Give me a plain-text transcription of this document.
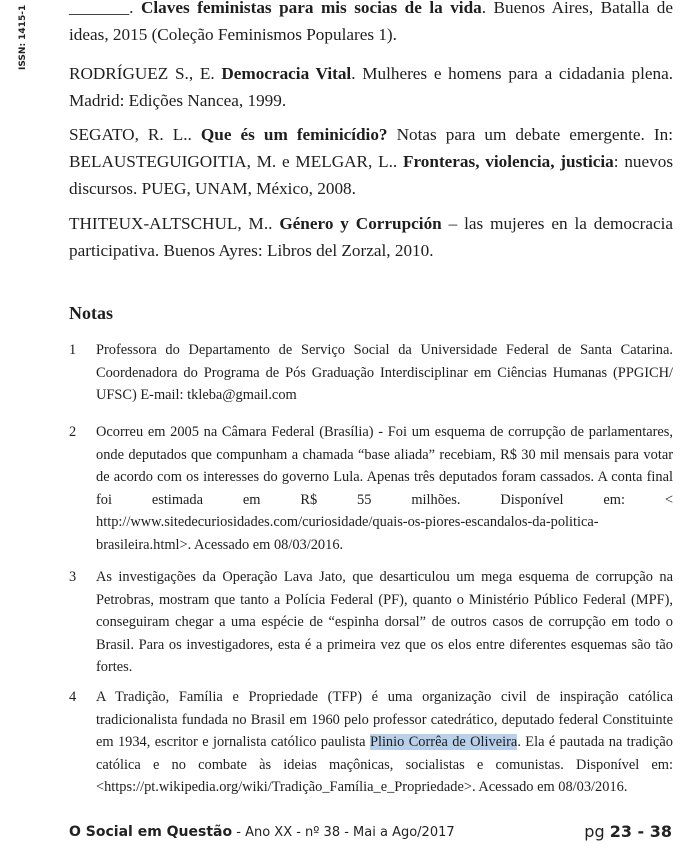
ISSN: 1415-1	_______. Claves feministas para mis socias de la vida. Buenos Aires, Batalla de ideas, 2015 (Coleção Feminismos Populares 1).

RODRÍGUEZ S., E. Democracia Vital. Mulheres e homens para a cidadania plena. Madrid: Edições Nancea, 1999.

SEGATO, R. L.. Que és um feminicídio? Notas para um debate emergente. In: BELAUSTEGUIGOITIA, M. e MELGAR, L.. Fronteras, violencia, justicia: nuevos discursos. PUEG, UNAM, México, 2008.

THITEUX-ALTSCHUL, M.. Género y Corrupción – las mujeres en la democracia participativa. Buenos Ayres: Libros del Zorzal, 2010.

Notas
1 Professora do Departamento de Serviço Social da Universidade Federal de Santa Catarina. Coordenadora do Programa de Pós Graduação Interdisciplinar em Ciências Humanas (PPGICH/ UFSC) E-mail: tkleba@gmail.com
2 Ocorreu em 2005 na Câmara Federal (Brasília) - Foi um esquema de corrupção de parlamentares, onde deputados que compunham a chamada “base aliada” recebiam, R$ 30 mil mensais para votar de acordo com os interesses do governo Lula. Apenas três deputados foram cassados. A conta final foi estimada em R$ 55 milhões. Disponível em: < http://www.sitedecuriosidades.com/curiosidade/quais-os-piores-escandalos-da-politica-brasileira.html>. Acessado em 08/03/2016.
3 As investigações da Operação Lava Jato, que desarticulou um mega esquema de corrupção na Petrobras, mostram que tanto a Polícia Federal (PF), quanto o Ministério Público Federal (MPF), conseguiram chegar a uma espécie de “espinha dorsal” de outros casos de corrupção em todo o Brasil. Para os investigadores, esta é a primeira vez que os elos entre diferentes esquemas são tão fortes.
4 A Tradição, Família e Propriedade (TFP) é uma organização civil de inspiração católica tradicionalista fundada no Brasil em 1960 pelo professor catedrático, deputado federal Constituinte em 1934, escritor e jornalista católico paulista Plinio Corrêa de Oliveira. Ela é pautada na tradição católica e no combate às ideias maçônicas, socialistas e comunistas. Disponível em: <https://pt.wikipedia.org/wiki/Tradição_Família_e_Propriedade>. Acessado em 08/03/2016.
O Social em Questão - Ano XX - nº 38 - Mai a Ago/2017	pg 23 - 38
